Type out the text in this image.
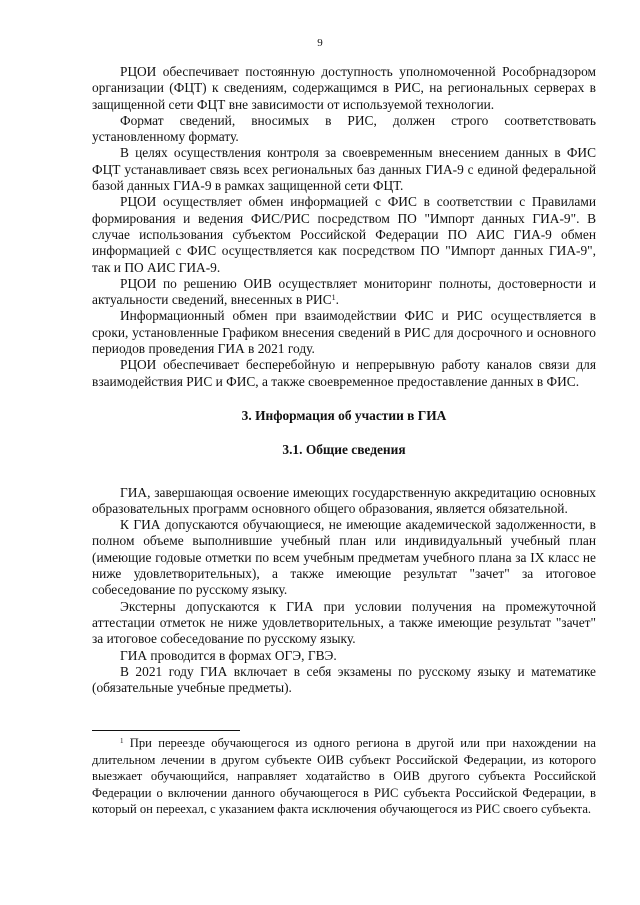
9

РЦОИ обеспечивает постоянную доступность уполномоченной Рособрнадзором организации (ФЦТ) к сведениям, содержащимся в РИС, на региональных серверах в защищенной сети ФЦТ вне зависимости от используемой технологии.

Формат сведений, вносимых в РИС, должен строго соответствовать установленному формату.

В целях осуществления контроля за своевременным внесением данных в ФИС ФЦТ устанавливает связь всех региональных баз данных ГИА-9 с единой федеральной базой данных ГИА-9 в рамках защищенной сети ФЦТ.

РЦОИ осуществляет обмен информацией с ФИС в соответствии с Правилами формирования и ведения ФИС/РИС посредством ПО "Импорт данных ГИА-9". В случае использования субъектом Российской Федерации ПО АИС ГИА-9 обмен информацией с ФИС осуществляется как посредством ПО "Импорт данных ГИА-9", так и ПО АИС ГИА-9.

РЦОИ по решению ОИВ осуществляет мониторинг полноты, достоверности и актуальности сведений, внесенных в РИС$^1$.

Информационный обмен при взаимодействии ФИС и РИС осуществляется в сроки, установленные Графиком внесения сведений в РИС для досрочного и основного периодов проведения ГИА в 2021 году.

РЦОИ обеспечивает бесперебойную и непрерывную работу каналов связи для взаимодействия РИС и ФИС, а также своевременное предоставление данных в ФИС.

3. Информация об участии в ГИА

3.1. Общие сведения

ГИА, завершающая освоение имеющих государственную аккредитацию основных образовательных программ основного общего образования, является обязательной.

К ГИА допускаются обучающиеся, не имеющие академической задолженности, в полном объеме выполнившие учебный план или индивидуальный учебный план (имеющие годовые отметки по всем учебным предметам учебного плана за IX класс не ниже удовлетворительных), а также имеющие результат "зачет" за итоговое собеседование по русскому языку.

Экстерны допускаются к ГИА при условии получения на промежуточной аттестации отметок не ниже удовлетворительных, а также имеющие результат "зачет" за итоговое собеседование по русскому языку.

ГИА проводится в формах ОГЭ, ГВЭ.

В 2021 году ГИА включает в себя экзамены по русскому языку и математике (обязательные учебные предметы).

$^1$ При переезде обучающегося из одного региона в другой или при нахождении на длительном лечении в другом субъекте ОИВ субъект Российской Федерации, из которого выезжает обучающийся, направляет ходатайство в ОИВ другого субъекта Российской Федерации о включении данного обучающегося в РИС субъекта Российской Федерации, в который он переехал, с указанием факта исключения обучающегося из РИС своего субъекта.
